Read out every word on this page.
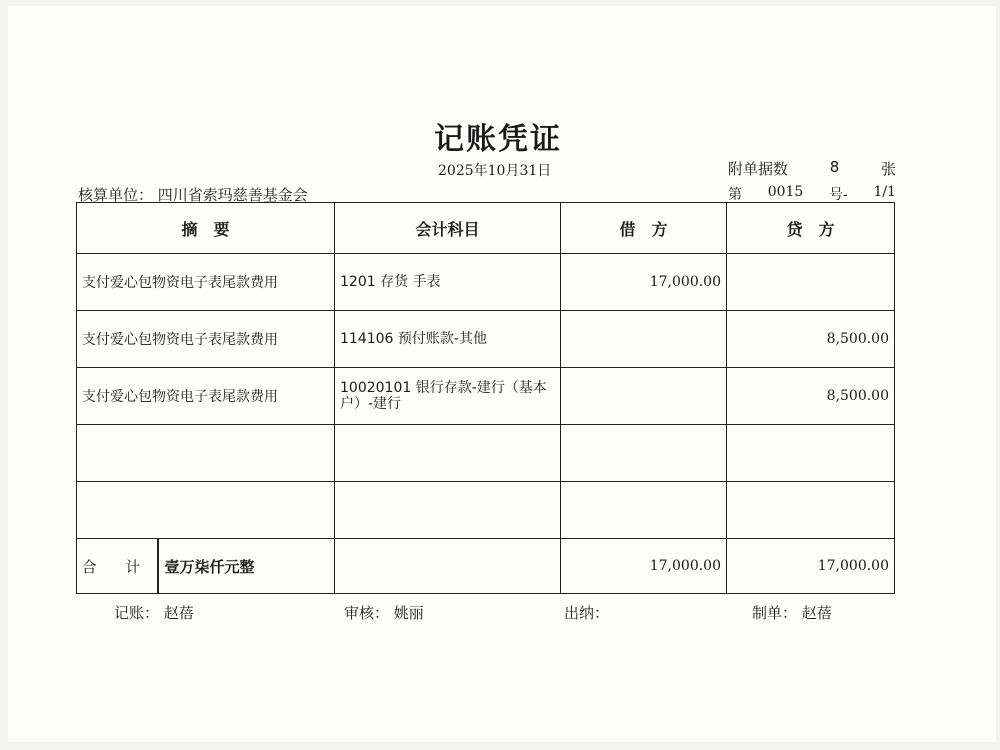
记账凭证
2025年10月31日	附单据数	8	张
核算单位： 四川省索玛慈善基金会	第 0015 号- 1/1
摘　要	会计科目	借　方	贷　方
支付爱心包物资电子表尾款费用	1201 存货 手表	17,000.00	
支付爱心包物资电子表尾款费用	114106 预付账款-其他		8,500.00
支付爱心包物资电子表尾款费用	10020101 银行存款-建行（基本户）-建行		8,500.00

合 计 壹万柒仟元整		17,000.00	17,000.00
记账： 赵蓓	审核： 姚丽	出纳：	制单： 赵蓓
